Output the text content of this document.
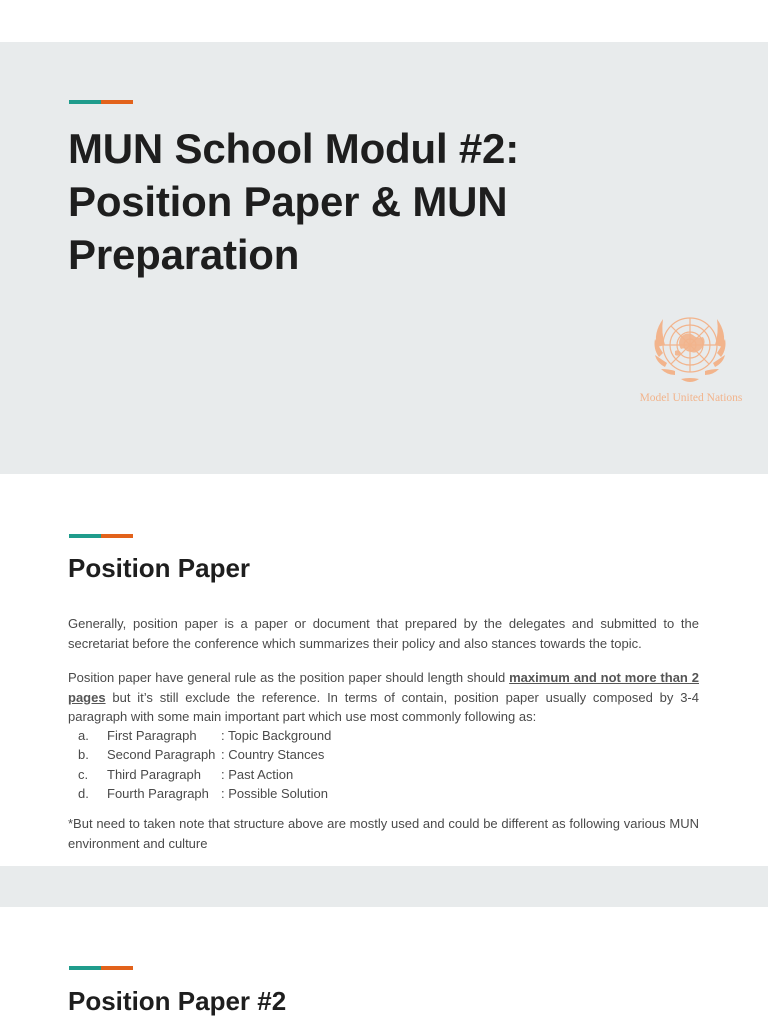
MUN School Modul #2:
Position Paper & MUN
Preparation
Model United Nations
Position Paper

Generally, position paper is a paper or document that prepared by the delegates and submitted to the secretariat before the conference which summarizes their policy and also stances towards the topic.

Position paper have general rule as the position paper should length should maximum and not more than 2 pages but it’s still exclude the reference. In terms of contain, position paper usually composed by 3-4 paragraph with some main important part which use most commonly following as:

a.	First Paragraph	: Topic Background
b.	Second Paragraph : Country Stances
c.	Third Paragraph	: Past Action
d.	Fourth Paragraph : Possible Solution

*But need to taken note that structure above are mostly used and could be different as following various MUN environment and culture

Position Paper #2
